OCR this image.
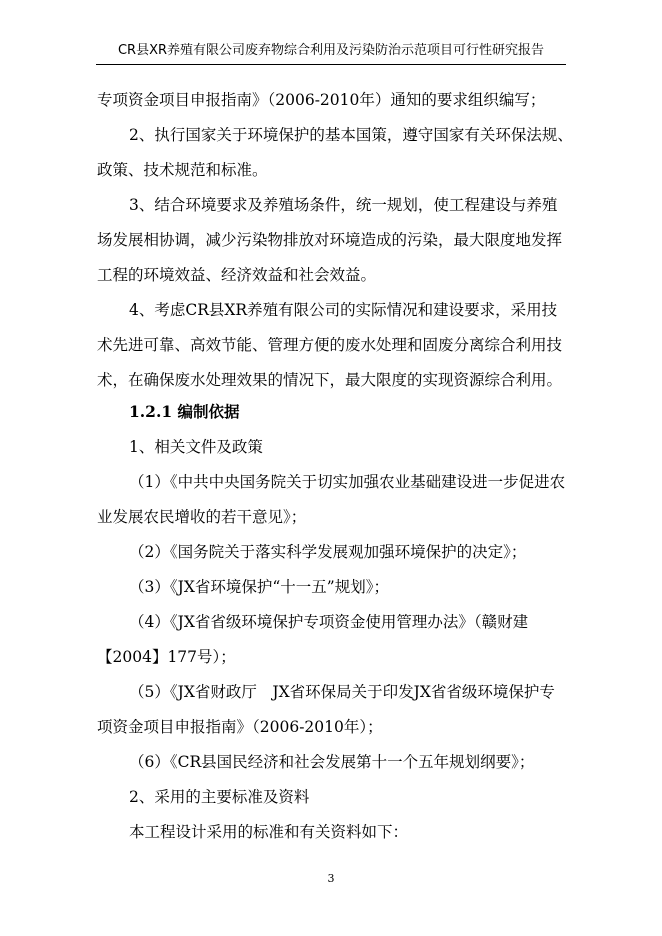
CR县XR养殖有限公司废弃物综合利用及污染防治示范项目可行性研究报告
专项资金项目申报指南》（2006-2010年）通知的要求组织编写；
2、执行国家关于环境保护的基本国策，遵守国家有关环保法规、
政策、技术规范和标准。
3、结合环境要求及养殖场条件，统一规划，使工程建设与养殖
场发展相协调，减少污染物排放对环境造成的污染，最大限度地发挥
工程的环境效益、经济效益和社会效益。
4、考虑CR县XR养殖有限公司的实际情况和建设要求，采用技
术先进可靠、高效节能、管理方便的废水处理和固废分离综合利用技
术，在确保废水处理效果的情况下，最大限度的实现资源综合利用。
1.2.1 编制依据
1、相关文件及政策
（1）《中共中央国务院关于切实加强农业基础建设进一步促进农
业发展农民增收的若干意见》；
（2）《国务院关于落实科学发展观加强环境保护的决定》；
（3）《JX省环境保护“十一五”规划》；
（4）《JX省省级环境保护专项资金使用管理办法》（赣财建
【2004】177号）；
（5）《JX省财政厅　JX省环保局关于印发JX省省级环境保护专
项资金项目申报指南》（2006-2010年）；
（6）《CR县国民经济和社会发展第十一个五年规划纲要》；
2、采用的主要标准及资料
本工程设计采用的标准和有关资料如下：
3
